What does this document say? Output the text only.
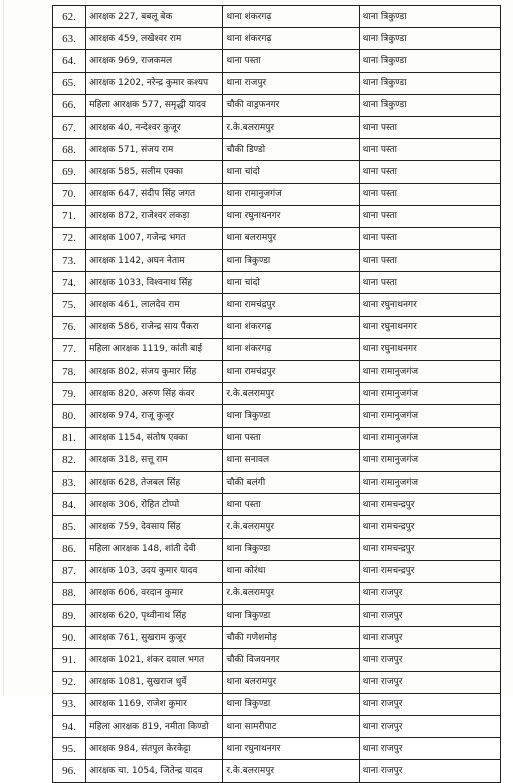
62.	आरक्षक 227, बबलू बेक	थाना शंकरगढ़	थाना त्रिकुण्डा
63.	आरक्षक 459, लखेश्वर राम	थाना शंकरगढ़	थाना त्रिकुण्डा
64.	आरक्षक 969, राजकमल	थाना पस्ता	थाना त्रिकुण्डा
65.	आरक्षक 1202, नरेन्द्र कुमार कश्यप	थाना राजपुर	थाना त्रिकुण्डा
66.	महिला आरक्षक 577, समृद्धी यादव	चौकी वाड्रफनगर	थाना त्रिकुण्डा
67.	आरक्षक 40, नन्देश्वर कुजूर	र.के.बलरामपुर	थाना पस्ता
68.	आरक्षक 571, संजय राम	चौकी डिण्डो	थाना पस्ता
69.	आरक्षक 585, सलीम एक्का	थाना चांदो	थाना पस्ता
70.	आरक्षक 647, संदीप सिंह जगत	थाना रामानुजगंज	थाना पस्ता
71.	आरक्षक 872, राजेश्वर लकड़ा	थाना रघुनाथनगर	थाना पस्ता
72.	आरक्षक 1007, गजेन्द्र भगत	थाना बलरामपुर	थाना पस्ता
73.	आरक्षक 1142, अघन नेताम	थाना त्रिकुण्डा	थाना पस्ता
74.	आरक्षक 1033, विश्वनाथ सिंह	थाना चांदो	थाना पस्ता
75.	आरक्षक 461, लालदेव राम	थाना रामचंद्रपुर	थाना रघुनाथनगर
76.	आरक्षक 586, राजेन्द्र साय पैंकरा	थाना शंकरगढ़	थाना रघुनाथनगर
77.	महिला आरक्षक 1119, कांती बाई	थाना शंकरगढ़	थाना रघुनाथनगर
78.	आरक्षक 802, संजय कुमार सिंह	थाना रामचंद्रपुर	थाना रामानुजगंज
79.	आरक्षक 820, अरुण सिंह कंवर	र.के.बलरामपुर	थाना रामानुजगंज
80.	आरक्षक 974, राजू कुजूर	थाना त्रिकुण्डा	थाना रामानुजगंज
81.	आरक्षक 1154, संतोष एक्का	थाना पस्ता	थाना रामानुजगंज
82.	आरक्षक 318, सत्तू राम	थाना सनावल	थाना रामानुजगंज
83.	आरक्षक 628, तेजबल सिंह	चौकी बलंगी	थाना रामानुजगंज
84.	आरक्षक 306, रोहित टोप्पो	थाना पस्ता	थाना रामचन्द्रपुर
85.	आरक्षक 759, देवसाय सिंह	र.के.बलरामपुर	थाना रामचन्द्रपुर
86.	महिला आरक्षक 148, शांती देवी	थाना त्रिकुण्डा	थाना रामचन्द्रपुर
87.	आरक्षक 103, उदय कुमार यादव	थाना कोरंधा	थाना रामचन्द्रपुर
88.	आरक्षक 606, वरदान कुमार	र.के.बलरामपुर	थाना राजपुर
89.	आरक्षक 620, पृथ्वीनाथ सिंह	थाना त्रिकुण्डा	थाना राजपुर
90.	आरक्षक 761, सुखराम कुजूर	चौकी गणेशमोड़	थाना राजपुर
91.	आरक्षक 1021, शंकर दयाल भगत	चौकी विजयनगर	थाना राजपुर
92.	आरक्षक 1081, सुखराज धुर्वे	थाना बलरामपुर	थाना राजपुर
93.	आरक्षक 1169, राजेश कुमार	थाना त्रिकुण्डा	थाना राजपुर
94.	महिला आरक्षक 819, नमीता किण्डो	थाना सामरीपाट	थाना राजपुर
95.	आरक्षक 984, संतपुल केरकेट्टा	थाना रघुनाथनगर	थाना राजपुर
96.	आरक्षक चा. 1054, जितेन्द्र यादव	र.के.बलरामपुर	थाना राजपुर
